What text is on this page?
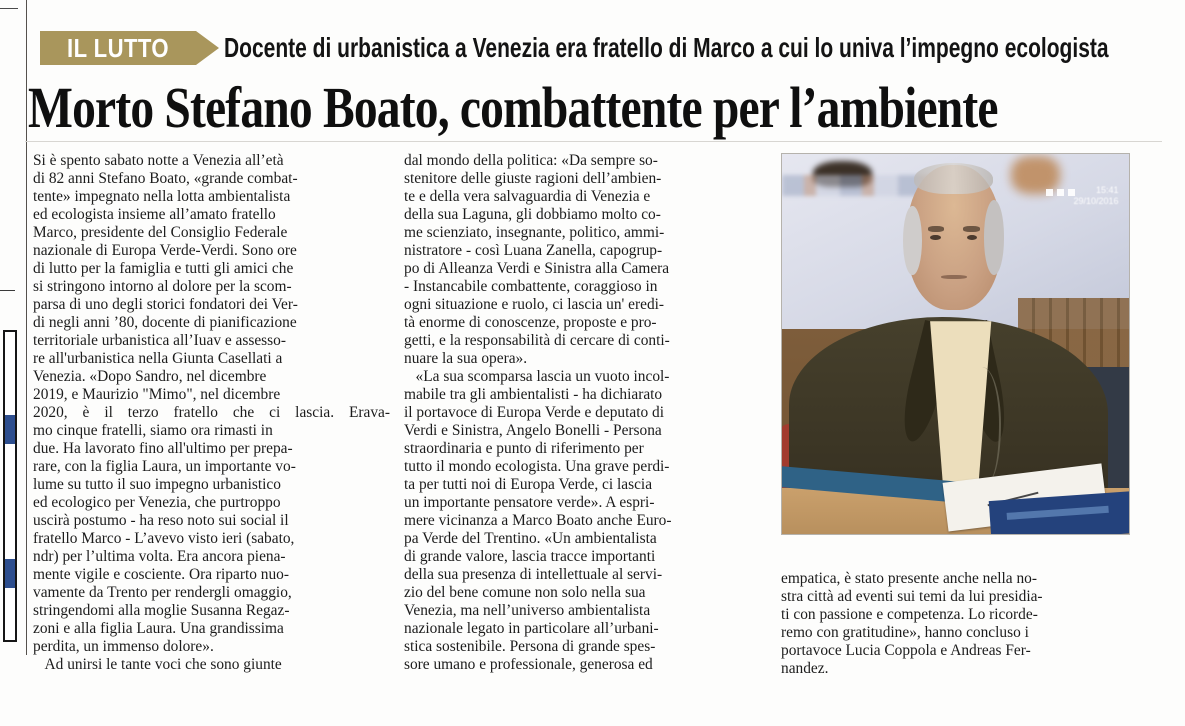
IL LUTTO Docente di urbanistica a Venezia era fratello di Marco a cui lo univa l’impegno ecologista
Morto Stefano Boato, combattente per l’ambiente
Si è spento sabato notte a Venezia all’età
di 82 anni Stefano Boato, «grande combat-
tente» impegnato nella lotta ambientalista
ed ecologista insieme all’amato fratello
Marco, presidente del Consiglio Federale
nazionale di Europa Verde-Verdi. Sono ore
di lutto per la famiglia e tutti gli amici che
si stringono intorno al dolore per la scom-
parsa di uno degli storici fondatori dei Ver-
di negli anni ’80, docente di pianificazione
territoriale urbanistica all’Iuav e assesso-
re all'urbanistica nella Giunta Casellati a
Venezia. «Dopo Sandro, nel dicembre
2019, e Maurizio "Mimo", nel dicembre
2020, è il terzo fratello che ci lascia. Erava-
mo cinque fratelli, siamo ora rimasti in
due. Ha lavorato fino all'ultimo per prepa-
rare, con la figlia Laura, un importante vo-
lume su tutto il suo impegno urbanistico
ed ecologico per Venezia, che purtroppo
uscirà postumo - ha reso noto sui social il
fratello Marco - L’avevo visto ieri (sabato,
ndr) per l’ultima volta. Era ancora piena-
mente vigile e cosciente. Ora riparto nuo-
vamente da Trento per rendergli omaggio,
stringendomi alla moglie Susanna Regaz-
zoni e alla figlia Laura. Una grandissima
perdita, un immenso dolore».
Ad unirsi le tante voci che sono giunte
dal mondo della politica: «Da sempre so-
stenitore delle giuste ragioni dell’ambien-
te e della vera salvaguardia di Venezia e
della sua Laguna, gli dobbiamo molto co-
me scienziato, insegnante, politico, ammi-
nistratore - così Luana Zanella, capogrup-
po di Alleanza Verdi e Sinistra alla Camera
- Instancabile combattente, coraggioso in
ogni situazione e ruolo, ci lascia un' eredi-
tà enorme di conoscenze, proposte e pro-
getti, e la responsabilità di cercare di conti-
nuare la sua opera».
«La sua scomparsa lascia un vuoto incol-
mabile tra gli ambientalisti - ha dichiarato
il portavoce di Europa Verde e deputato di
Verdi e Sinistra, Angelo Bonelli - Persona
straordinaria e punto di riferimento per
tutto il mondo ecologista. Una grave perdi-
ta per tutti noi di Europa Verde, ci lascia
un importante pensatore verde». A espri-
mere vicinanza a Marco Boato anche Euro-
pa Verde del Trentino. «Un ambientalista
di grande valore, lascia tracce importanti
della sua presenza di intellettuale al servi-
zio del bene comune non solo nella sua
Venezia, ma nell’universo ambientalista
nazionale legato in particolare all’urbani-
stica sostenibile. Persona di grande spes-
sore umano e professionale, generosa ed
empatica, è stato presente anche nella no-
stra città ad eventi sui temi da lui presidia-
ti con passione e competenza. Lo ricorde-
remo con gratitudine», hanno concluso i
portavoce Lucia Coppola e Andreas Fer-
nandez.
15:41
29/10/2016
